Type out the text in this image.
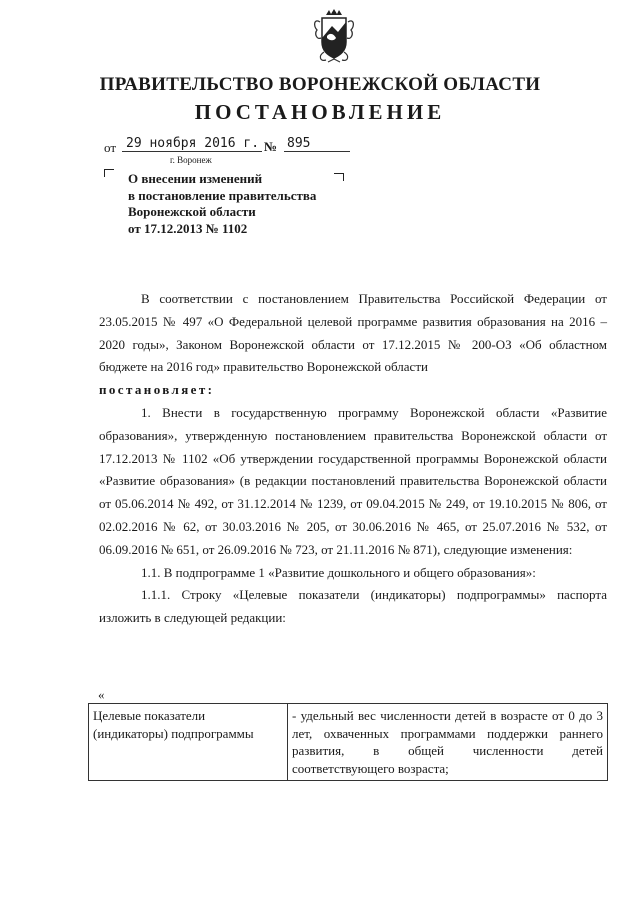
ПРАВИТЕЛЬСТВО ВОРОНЕЖСКОЙ ОБЛАСТИ
ПОСТАНОВЛЕНИЕ
от 29 ноября 2016 г. № 895
г. Воронеж
О внесении изменений
в постановление правительства
Воронежской области
от 17.12.2013 № 1102

В соответствии с постановлением Правительства Российской Федерации от 23.05.2015 № 497 «О Федеральной целевой программе развития образования на 2016 – 2020 годы», Законом Воронежской области от 17.12.2015 № 200-ОЗ «Об областном бюджете на 2016 год» правительство Воронежской области

постановляет:

1. Внести в государственную программу Воронежской области «Развитие образования», утвержденную постановлением правительства Воронежской области от 17.12.2013 № 1102 «Об утверждении государственной программы Воронежской области «Развитие образования» (в редакции постановлений правительства Воронежской области от 05.06.2014 № 492, от 31.12.2014 № 1239, от 09.04.2015 № 249, от 19.10.2015 № 806, от 02.02.2016 № 62, от 30.03.2016 № 205, от 30.06.2016 № 465, от 25.07.2016 № 532, от 06.09.2016 № 651, от 26.09.2016 № 723, от 21.11.2016 № 871), следующие изменения:

1.1. В подпрограмме 1 «Развитие дошкольного и общего образования»:

1.1.1. Строку «Целевые показатели (индикаторы) подпрограммы» паспорта изложить в следующей редакции:

«
Целевые показатели (индикаторы) подпрограммы	- удельный вес численности детей в возрасте от 0 до 3 лет, охваченных программами поддержки раннего развития, в общей численности детей соответствующего возраста;
